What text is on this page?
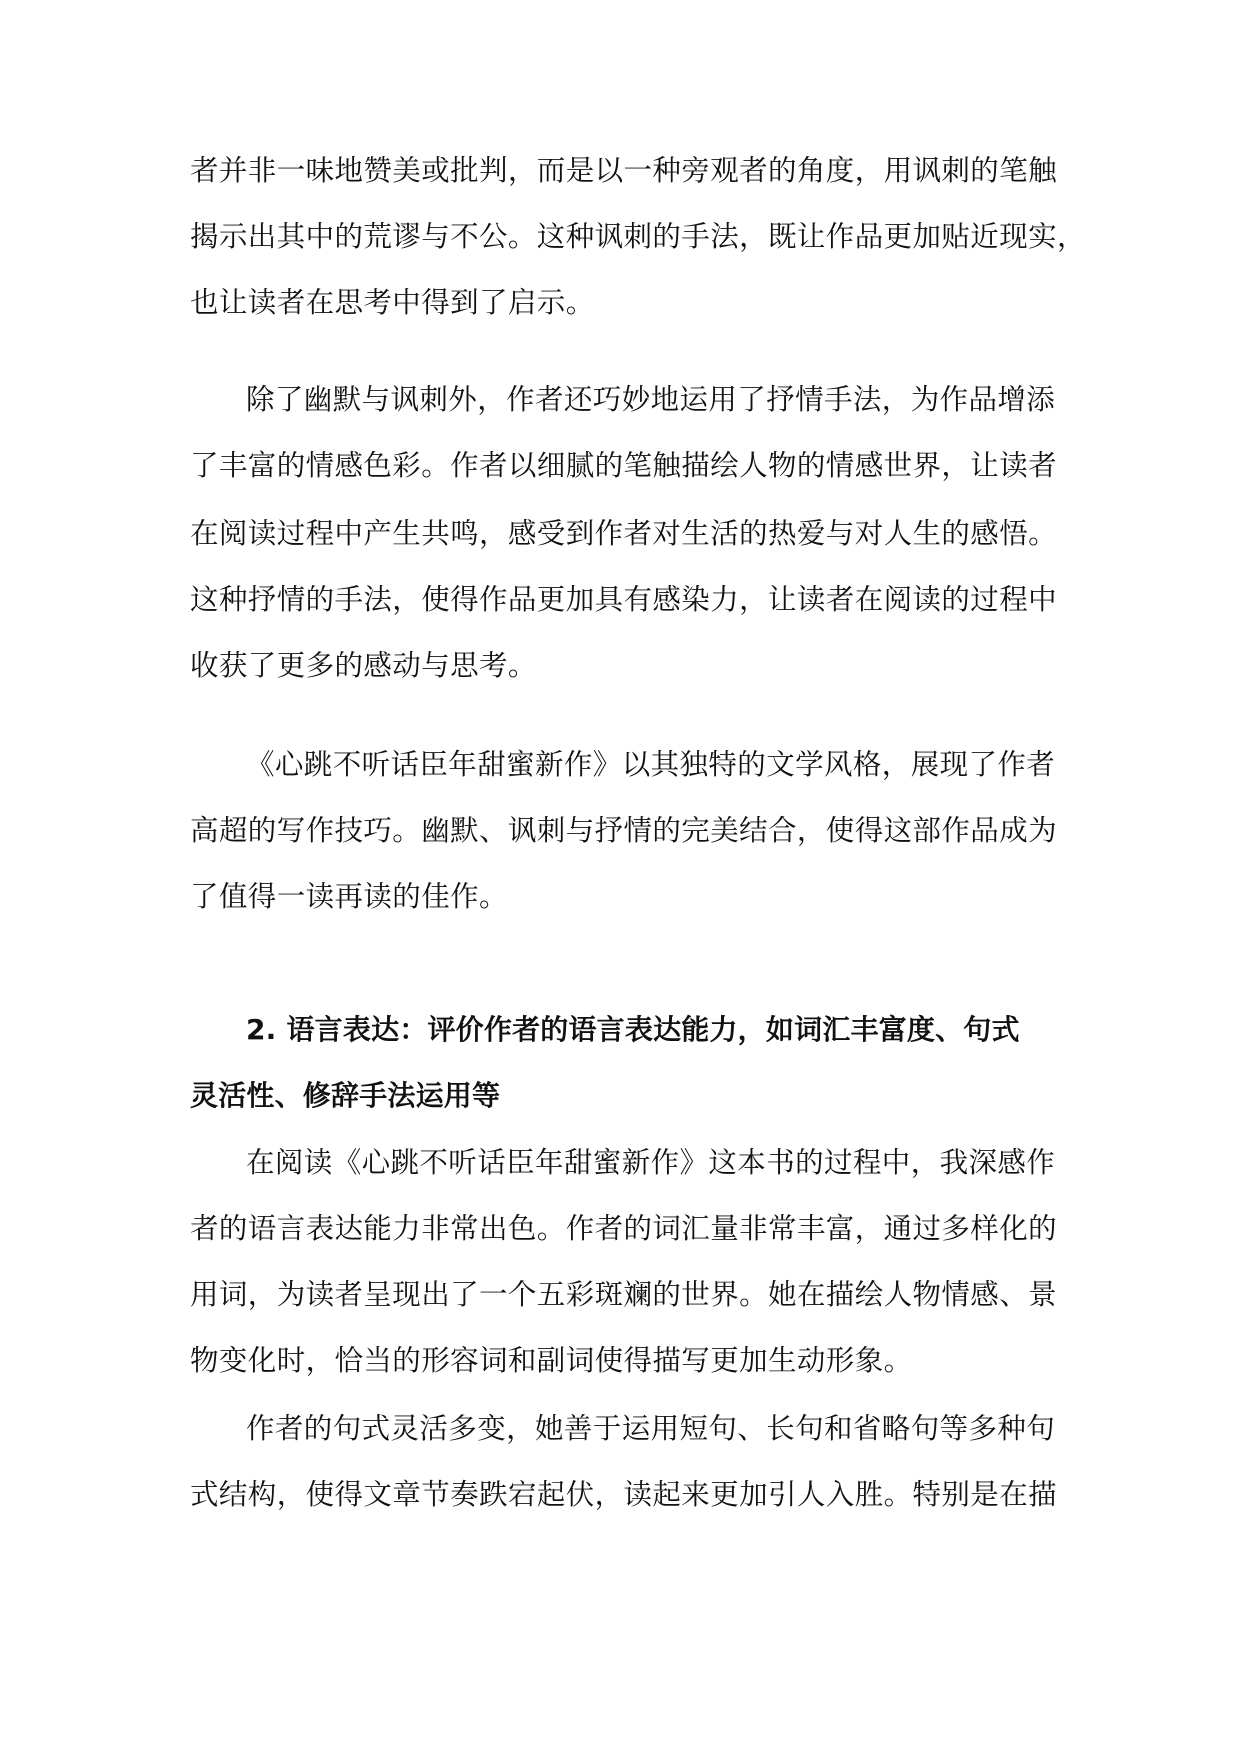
者并非一味地赞美或批判，而是以一种旁观者的角度，用讽刺的笔触

揭示出其中的荒谬与不公。这种讽刺的手法，既让作品更加贴近现实，

也让读者在思考中得到了启示。

除了幽默与讽刺外，作者还巧妙地运用了抒情手法，为作品增添

了丰富的情感色彩。作者以细腻的笔触描绘人物的情感世界，让读者

在阅读过程中产生共鸣，感受到作者对生活的热爱与对人生的感悟。

这种抒情的手法，使得作品更加具有感染力，让读者在阅读的过程中

收获了更多的感动与思考。

《心跳不听话臣年甜蜜新作》以其独特的文学风格，展现了作者

高超的写作技巧。幽默、讽刺与抒情的完美结合，使得这部作品成为

了值得一读再读的佳作。

2. 语言表达：评价作者的语言表达能力，如词汇丰富度、句式

灵活性、修辞手法运用等

在阅读《心跳不听话臣年甜蜜新作》这本书的过程中，我深感作

者的语言表达能力非常出色。作者的词汇量非常丰富，通过多样化的

用词，为读者呈现出了一个五彩斑斓的世界。她在描绘人物情感、景

物变化时，恰当的形容词和副词使得描写更加生动形象。

作者的句式灵活多变，她善于运用短句、长句和省略句等多种句

式结构，使得文章节奏跌宕起伏，读起来更加引人入胜。特别是在描
